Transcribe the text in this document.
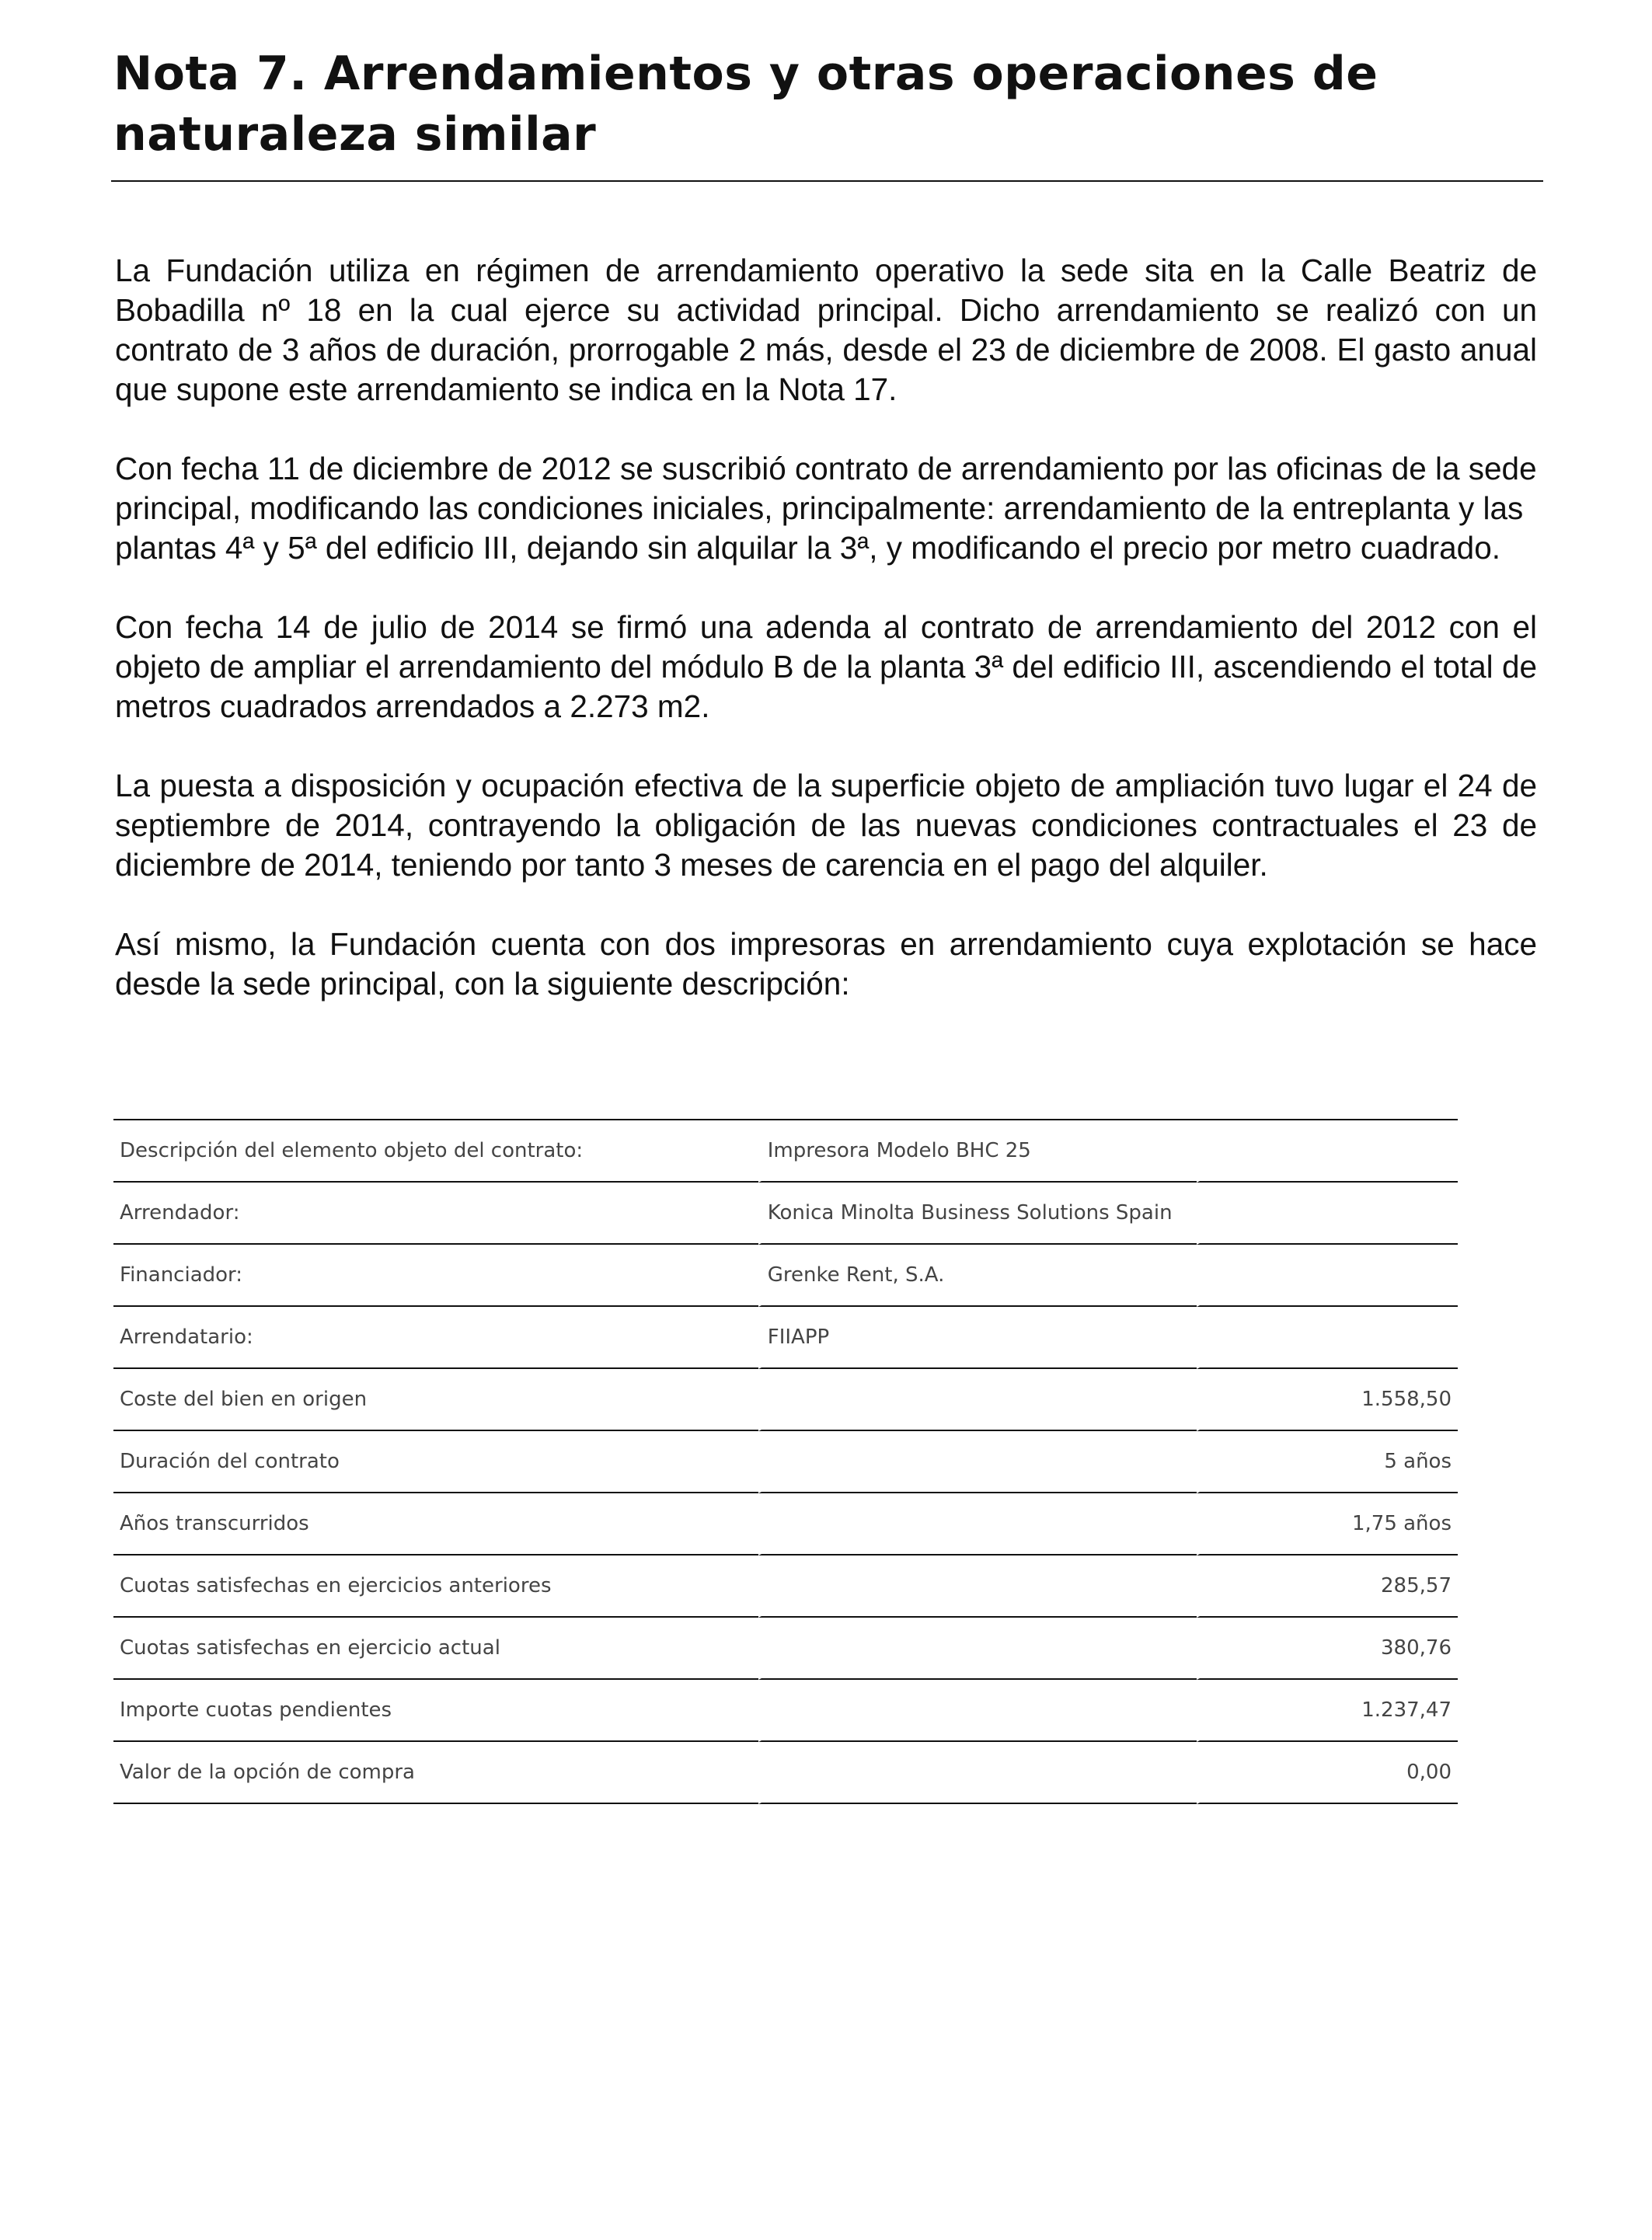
Nota 7. Arrendamientos y otras operaciones de naturaleza similar

La Fundación utiliza en régimen de arrendamiento operativo la sede sita en la Calle Beatriz de Bobadilla nº 18 en la cual ejerce su actividad principal. Dicho arrendamiento se realizó con un contrato de 3 años de duración, prorrogable 2 más, desde el 23 de diciembre de 2008. El gasto anual que supone este arrendamiento se indica en la Nota 17.

Con fecha 11 de diciembre de 2012 se suscribió contrato de arrendamiento por las oficinas de la sede principal, modificando las condiciones iniciales, principalmente: arrendamiento de la entreplanta y las plantas 4ª y 5ª del edificio III, dejando sin alquilar la 3ª, y modificando el precio por metro cuadrado.

Con fecha 14 de julio de 2014 se firmó una adenda al contrato de arrendamiento del 2012 con el objeto de ampliar el arrendamiento del módulo B de la planta 3ª del edificio III, ascendiendo el total de metros cuadrados arrendados a 2.273 m2.

La puesta a disposición y ocupación efectiva de la superficie objeto de ampliación tuvo lugar el 24 de septiembre de 2014, contrayendo la obligación de las nuevas condiciones contractuales el 23 de diciembre de 2014, teniendo por tanto 3 meses de carencia en el pago del alquiler.

Así mismo, la Fundación cuenta con dos impresoras en arrendamiento cuya explotación se hace desde la sede principal, con la siguiente descripción:

Descripción del elemento objeto del contrato:	Impresora Modelo BHC 25	
Arrendador:	Konica Minolta Business Solutions Spain	
Financiador:	Grenke Rent, S.A.	
Arrendatario:	FIIAPP	
Coste del bien en origen		1.558,50
Duración del contrato		5 años
Años transcurridos		1,75 años
Cuotas satisfechas en ejercicios anteriores		285,57
Cuotas satisfechas en ejercicio actual		380,76
Importe cuotas pendientes		1.237,47
Valor de la opción de compra		0,00
